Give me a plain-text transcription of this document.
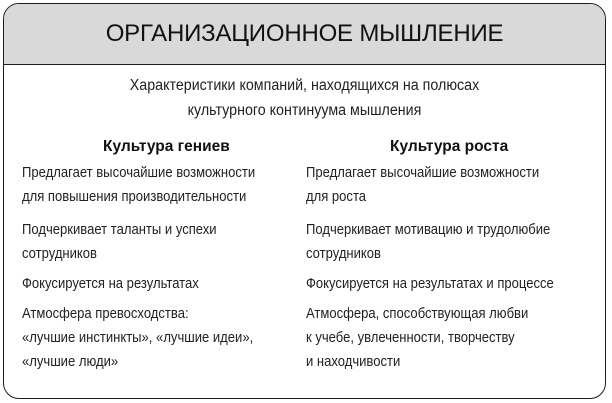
ОРГАНИЗАЦИОННОЕ МЫШЛЕНИЕ
Характеристики компаний, находящихся на полюсах
культурного континуума мышления
Культура гениев	Культура роста
Предлагает высочайшие возможности
для повышения производительности
Подчеркивает таланты и успехи
сотрудников
Фокусируется на результатах
Атмосфера превосходства:
«лучшие инстинкты», «лучшие идеи»,
«лучшие люди»
Предлагает высочайшие возможности
для роста
Подчеркивает мотивацию и трудолюбие
сотрудников
Фокусируется на результатах и процессе
Атмосфера, способствующая любви
к учебе, увлеченности, творчеству
и находчивости
